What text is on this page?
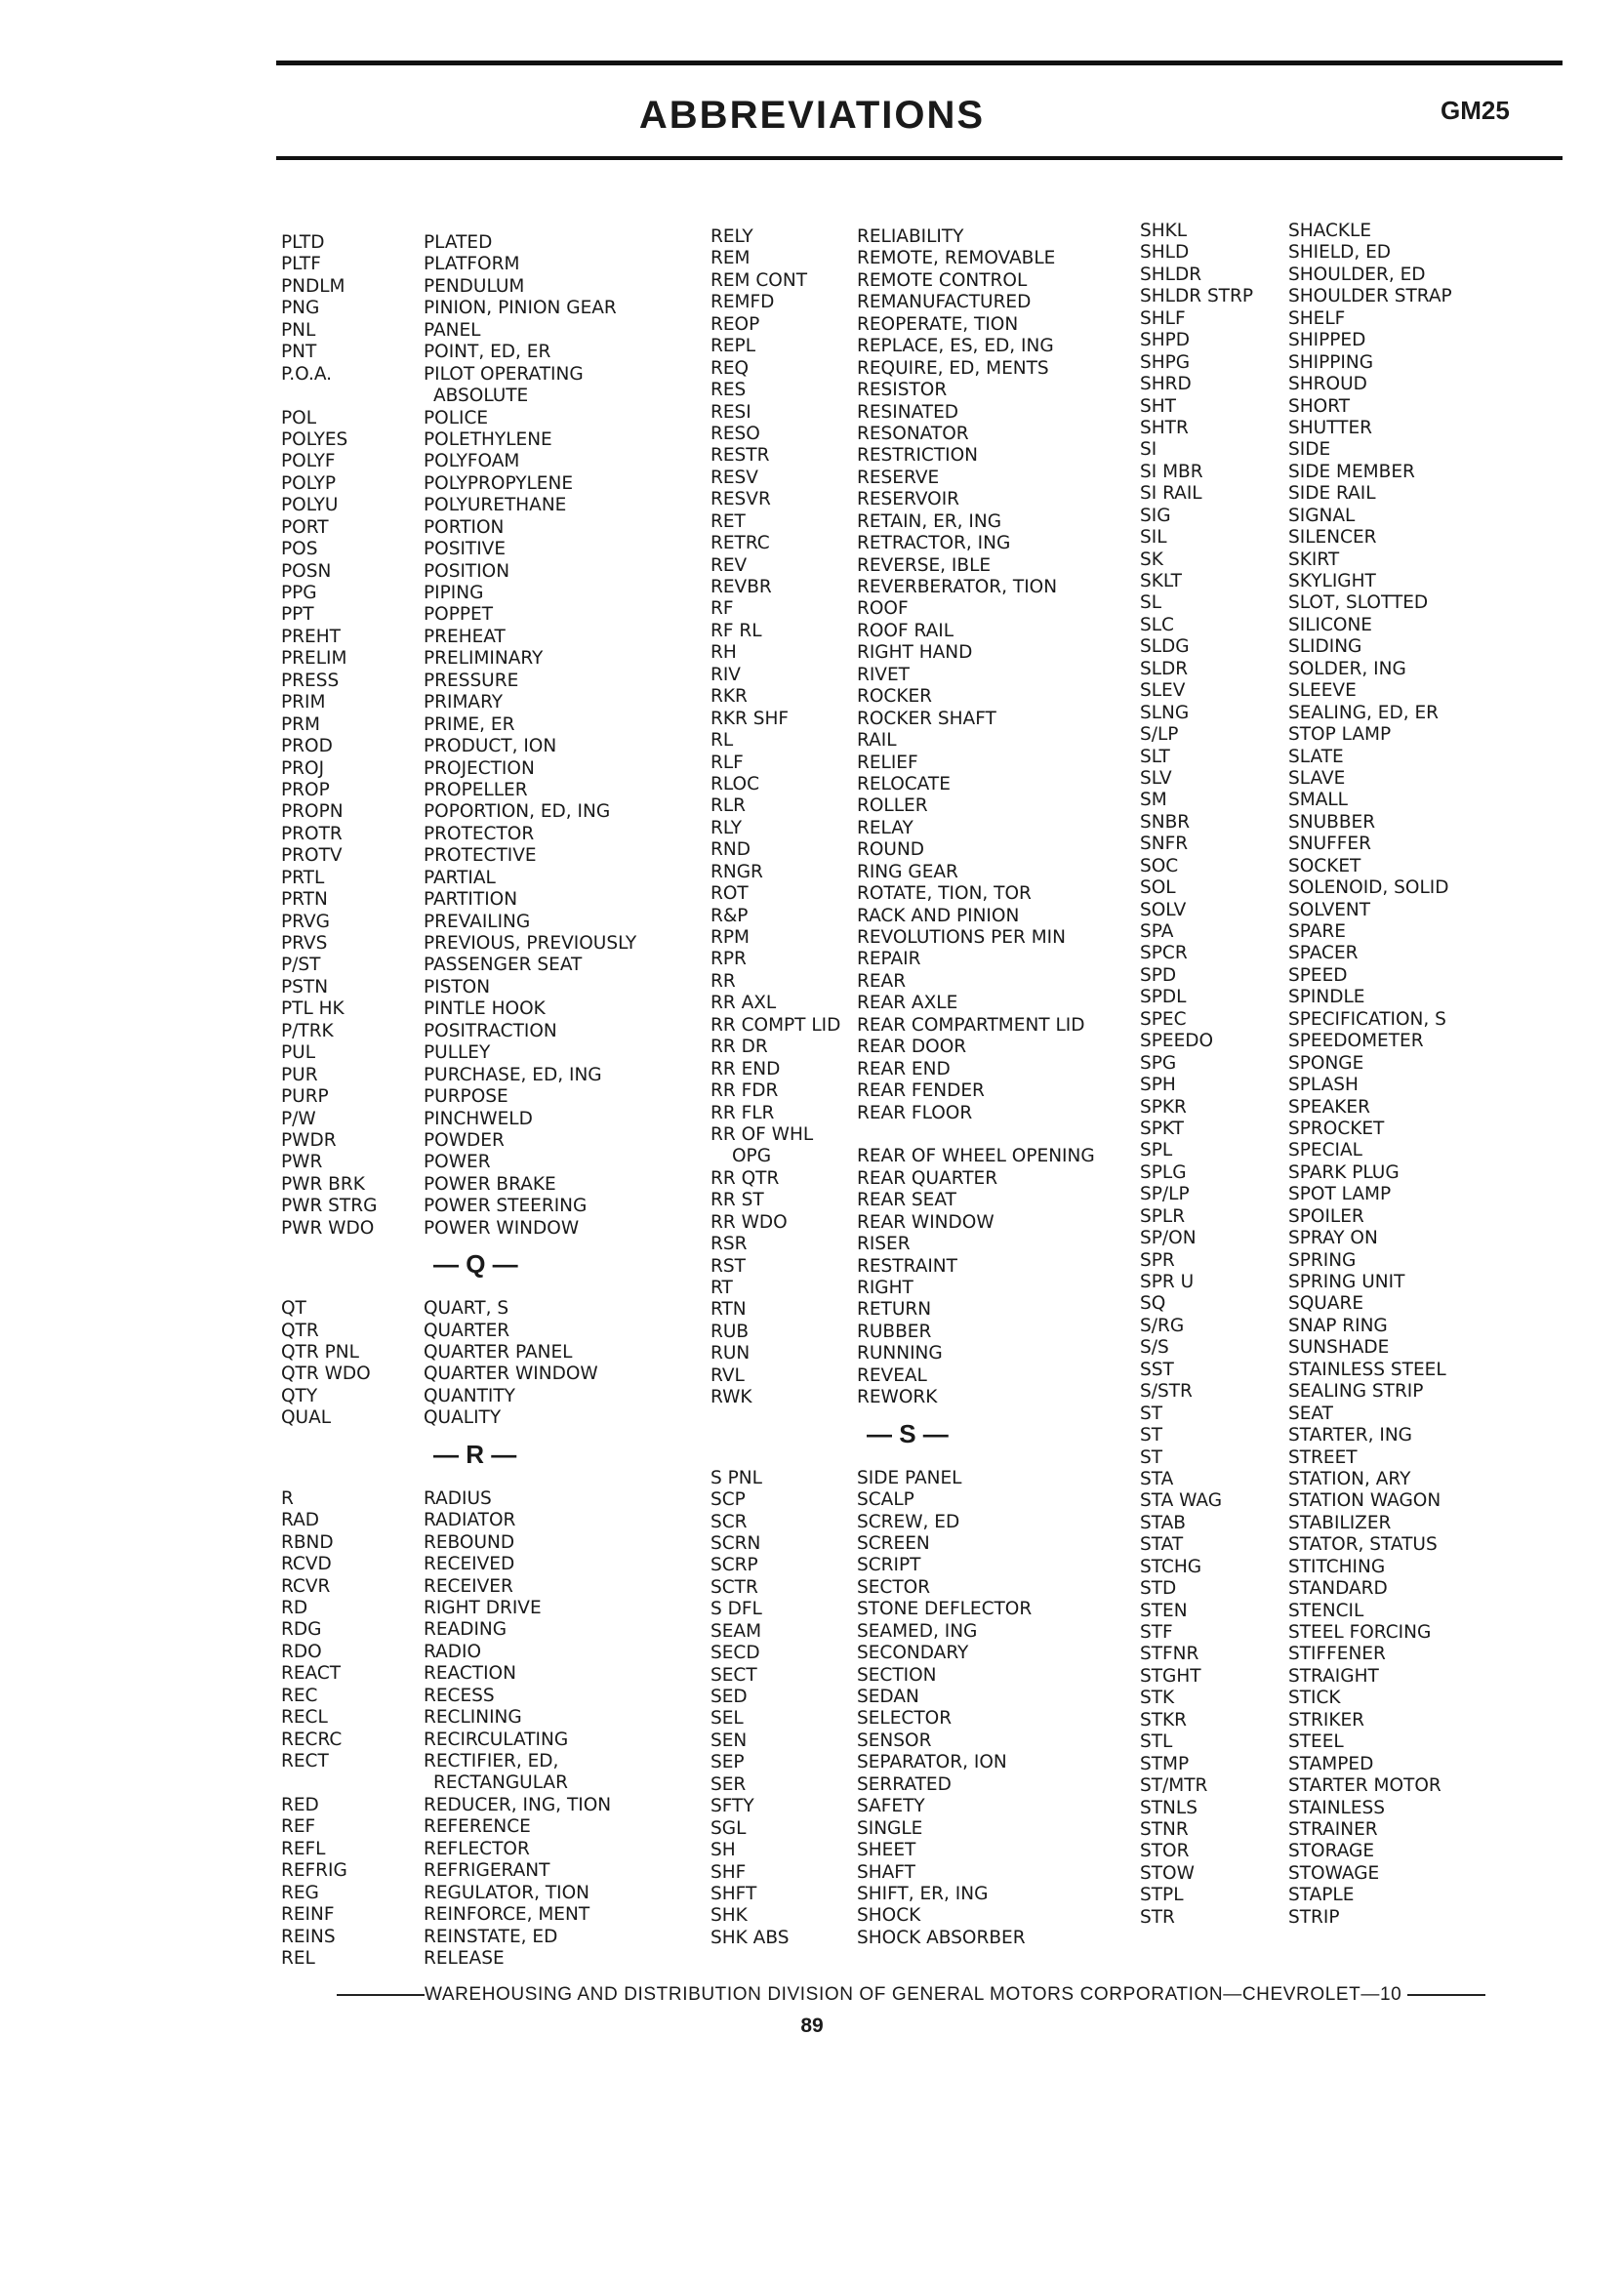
ABBREVIATIONS	GM25
PLTD	PLATED
PLTF	PLATFORM
PNDLM	PENDULUM
PNG	PINION, PINION GEAR
PNL	PANEL
PNT	POINT, ED, ER
P.O.A.	PILOT OPERATING
ABSOLUTE
POL	POLICE
POLYES	POLETHYLENE
POLYF	POLYFOAM
POLYP	POLYPROPYLENE
POLYU	POLYURETHANE
PORT	PORTION
POS	POSITIVE
POSN	POSITION
PPG	PIPING
PPT	POPPET
PREHT	PREHEAT
PRELIM	PRELIMINARY
PRESS	PRESSURE
PRIM	PRIMARY
PRM	PRIME, ER
PROD	PRODUCT, ION
PROJ	PROJECTION
PROP	PROPELLER
PROPN	POPORTION, ED, ING
PROTR	PROTECTOR
PROTV	PROTECTIVE
PRTL	PARTIAL
PRTN	PARTITION
PRVG	PREVAILING
PRVS	PREVIOUS, PREVIOUSLY
P/ST	PASSENGER SEAT
PSTN	PISTON
PTL HK	PINTLE HOOK
P/TRK	POSITRACTION
PUL	PULLEY
PUR	PURCHASE, ED, ING
PURP	PURPOSE
P/W	PINCHWELD
PWDR	POWDER
PWR	POWER
PWR BRK	POWER BRAKE
PWR STRG	POWER STEERING
PWR WDO	POWER WINDOW
— Q —
QT	QUART, S
QTR	QUARTER
QTR PNL	QUARTER PANEL
QTR WDO	QUARTER WINDOW
QTY	QUANTITY
QUAL	QUALITY
— R —
R	RADIUS
RAD	RADIATOR
RBND	REBOUND
RCVD	RECEIVED
RCVR	RECEIVER
RD	RIGHT DRIVE
RDG	READING
RDO	RADIO
REACT	REACTION
REC	RECESS
RECL	RECLINING
RECRC	RECIRCULATING
RECT	RECTIFIER, ED,
RECTANGULAR
RED	REDUCER, ING, TION
REF	REFERENCE
REFL	REFLECTOR
REFRIG	REFRIGERANT
REG	REGULATOR, TION
REINF	REINFORCE, MENT
REINS	REINSTATE, ED
REL	RELEASE
RELY	RELIABILITY
REM	REMOTE, REMOVABLE
REM CONT	REMOTE CONTROL
REMFD	REMANUFACTURED
REOP	REOPERATE, TION
REPL	REPLACE, ES, ED, ING
REQ	REQUIRE, ED, MENTS
RES	RESISTOR
RESI	RESINATED
RESO	RESONATOR
RESTR	RESTRICTION
RESV	RESERVE
RESVR	RESERVOIR
RET	RETAIN, ER, ING
RETRC	RETRACTOR, ING
REV	REVERSE, IBLE
REVBR	REVERBERATOR, TION
RF	ROOF
RF RL	ROOF RAIL
RH	RIGHT HAND
RIV	RIVET
RKR	ROCKER
RKR SHF	ROCKER SHAFT
RL	RAIL
RLF	RELIEF
RLOC	RELOCATE
RLR	ROLLER
RLY	RELAY
RND	ROUND
RNGR	RING GEAR
ROT	ROTATE, TION, TOR
R&P	RACK AND PINION
RPM	REVOLUTIONS PER MIN
RPR	REPAIR
RR	REAR
RR AXL	REAR AXLE
RR COMPT LID REAR COMPARTMENT LID
RR DR	REAR DOOR
RR END	REAR END
RR FDR	REAR FENDER
RR FLR	REAR FLOOR
RR OF WHL
OPG	REAR OF WHEEL OPENING
RR QTR	REAR QUARTER
RR ST	REAR SEAT
RR WDO	REAR WINDOW
RSR	RISER
RST	RESTRAINT
RT	RIGHT
RTN	RETURN
RUB	RUBBER
RUN	RUNNING
RVL	REVEAL
RWK	REWORK
— S —
S PNL	SIDE PANEL
SCP	SCALP
SCR	SCREW, ED
SCRN	SCREEN
SCRP	SCRIPT
SCTR	SECTOR
S DFL	STONE DEFLECTOR
SEAM	SEAMED, ING
SECD	SECONDARY
SECT	SECTION
SED	SEDAN
SEL	SELECTOR
SEN	SENSOR
SEP	SEPARATOR, ION
SER	SERRATED
SFTY	SAFETY
SGL	SINGLE
SH	SHEET
SHF	SHAFT
SHFT	SHIFT, ER, ING
SHK	SHOCK
SHK ABS	SHOCK ABSORBER
SHKL	SHACKLE
SHLD	SHIELD, ED
SHLDR	SHOULDER, ED
SHLDR STRP SHOULDER STRAP
SHLF	SHELF
SHPD	SHIPPED
SHPG	SHIPPING
SHRD	SHROUD
SHT	SHORT
SHTR	SHUTTER
SI	SIDE
SI MBR	SIDE MEMBER
SI RAIL	SIDE RAIL
SIG	SIGNAL
SIL	SILENCER
SK	SKIRT
SKLT	SKYLIGHT
SL	SLOT, SLOTTED
SLC	SILICONE
SLDG	SLIDING
SLDR	SOLDER, ING
SLEV	SLEEVE
SLNG	SEALING, ED, ER
S/LP	STOP LAMP
SLT	SLATE
SLV	SLAVE
SM	SMALL
SNBR	SNUBBER
SNFR	SNUFFER
SOC	SOCKET
SOL	SOLENOID, SOLID
SOLV	SOLVENT
SPA	SPARE
SPCR	SPACER
SPD	SPEED
SPDL	SPINDLE
SPEC	SPECIFICATION, S
SPEEDO	SPEEDOMETER
SPG	SPONGE
SPH	SPLASH
SPKR	SPEAKER
SPKT	SPROCKET
SPL	SPECIAL
SPLG	SPARK PLUG
SP/LP	SPOT LAMP
SPLR	SPOILER
SP/ON	SPRAY ON
SPR	SPRING
SPR U	SPRING UNIT
SQ	SQUARE
S/RG	SNAP RING
S/S	SUNSHADE
SST	STAINLESS STEEL
S/STR	SEALING STRIP
ST	SEAT
ST	STARTER, ING
ST	STREET
STA	STATION, ARY
STA WAG	STATION WAGON
STAB	STABILIZER
STAT	STATOR, STATUS
STCHG	STITCHING
STD	STANDARD
STEN	STENCIL
STF	STEEL FORCING
STFNR	STIFFENER
STGHT	STRAIGHT
STK	STICK
STKR	STRIKER
STL	STEEL
STMP	STAMPED
ST/MTR	STARTER MOTOR
STNLS	STAINLESS
STNR	STRAINER
STOR	STORAGE
STOW	STOWAGE
STPL	STAPLE
STR	STRIP
WAREHOUSING AND DISTRIBUTION DIVISION OF GENERAL MOTORS CORPORATION—CHEVROLET—10
89
